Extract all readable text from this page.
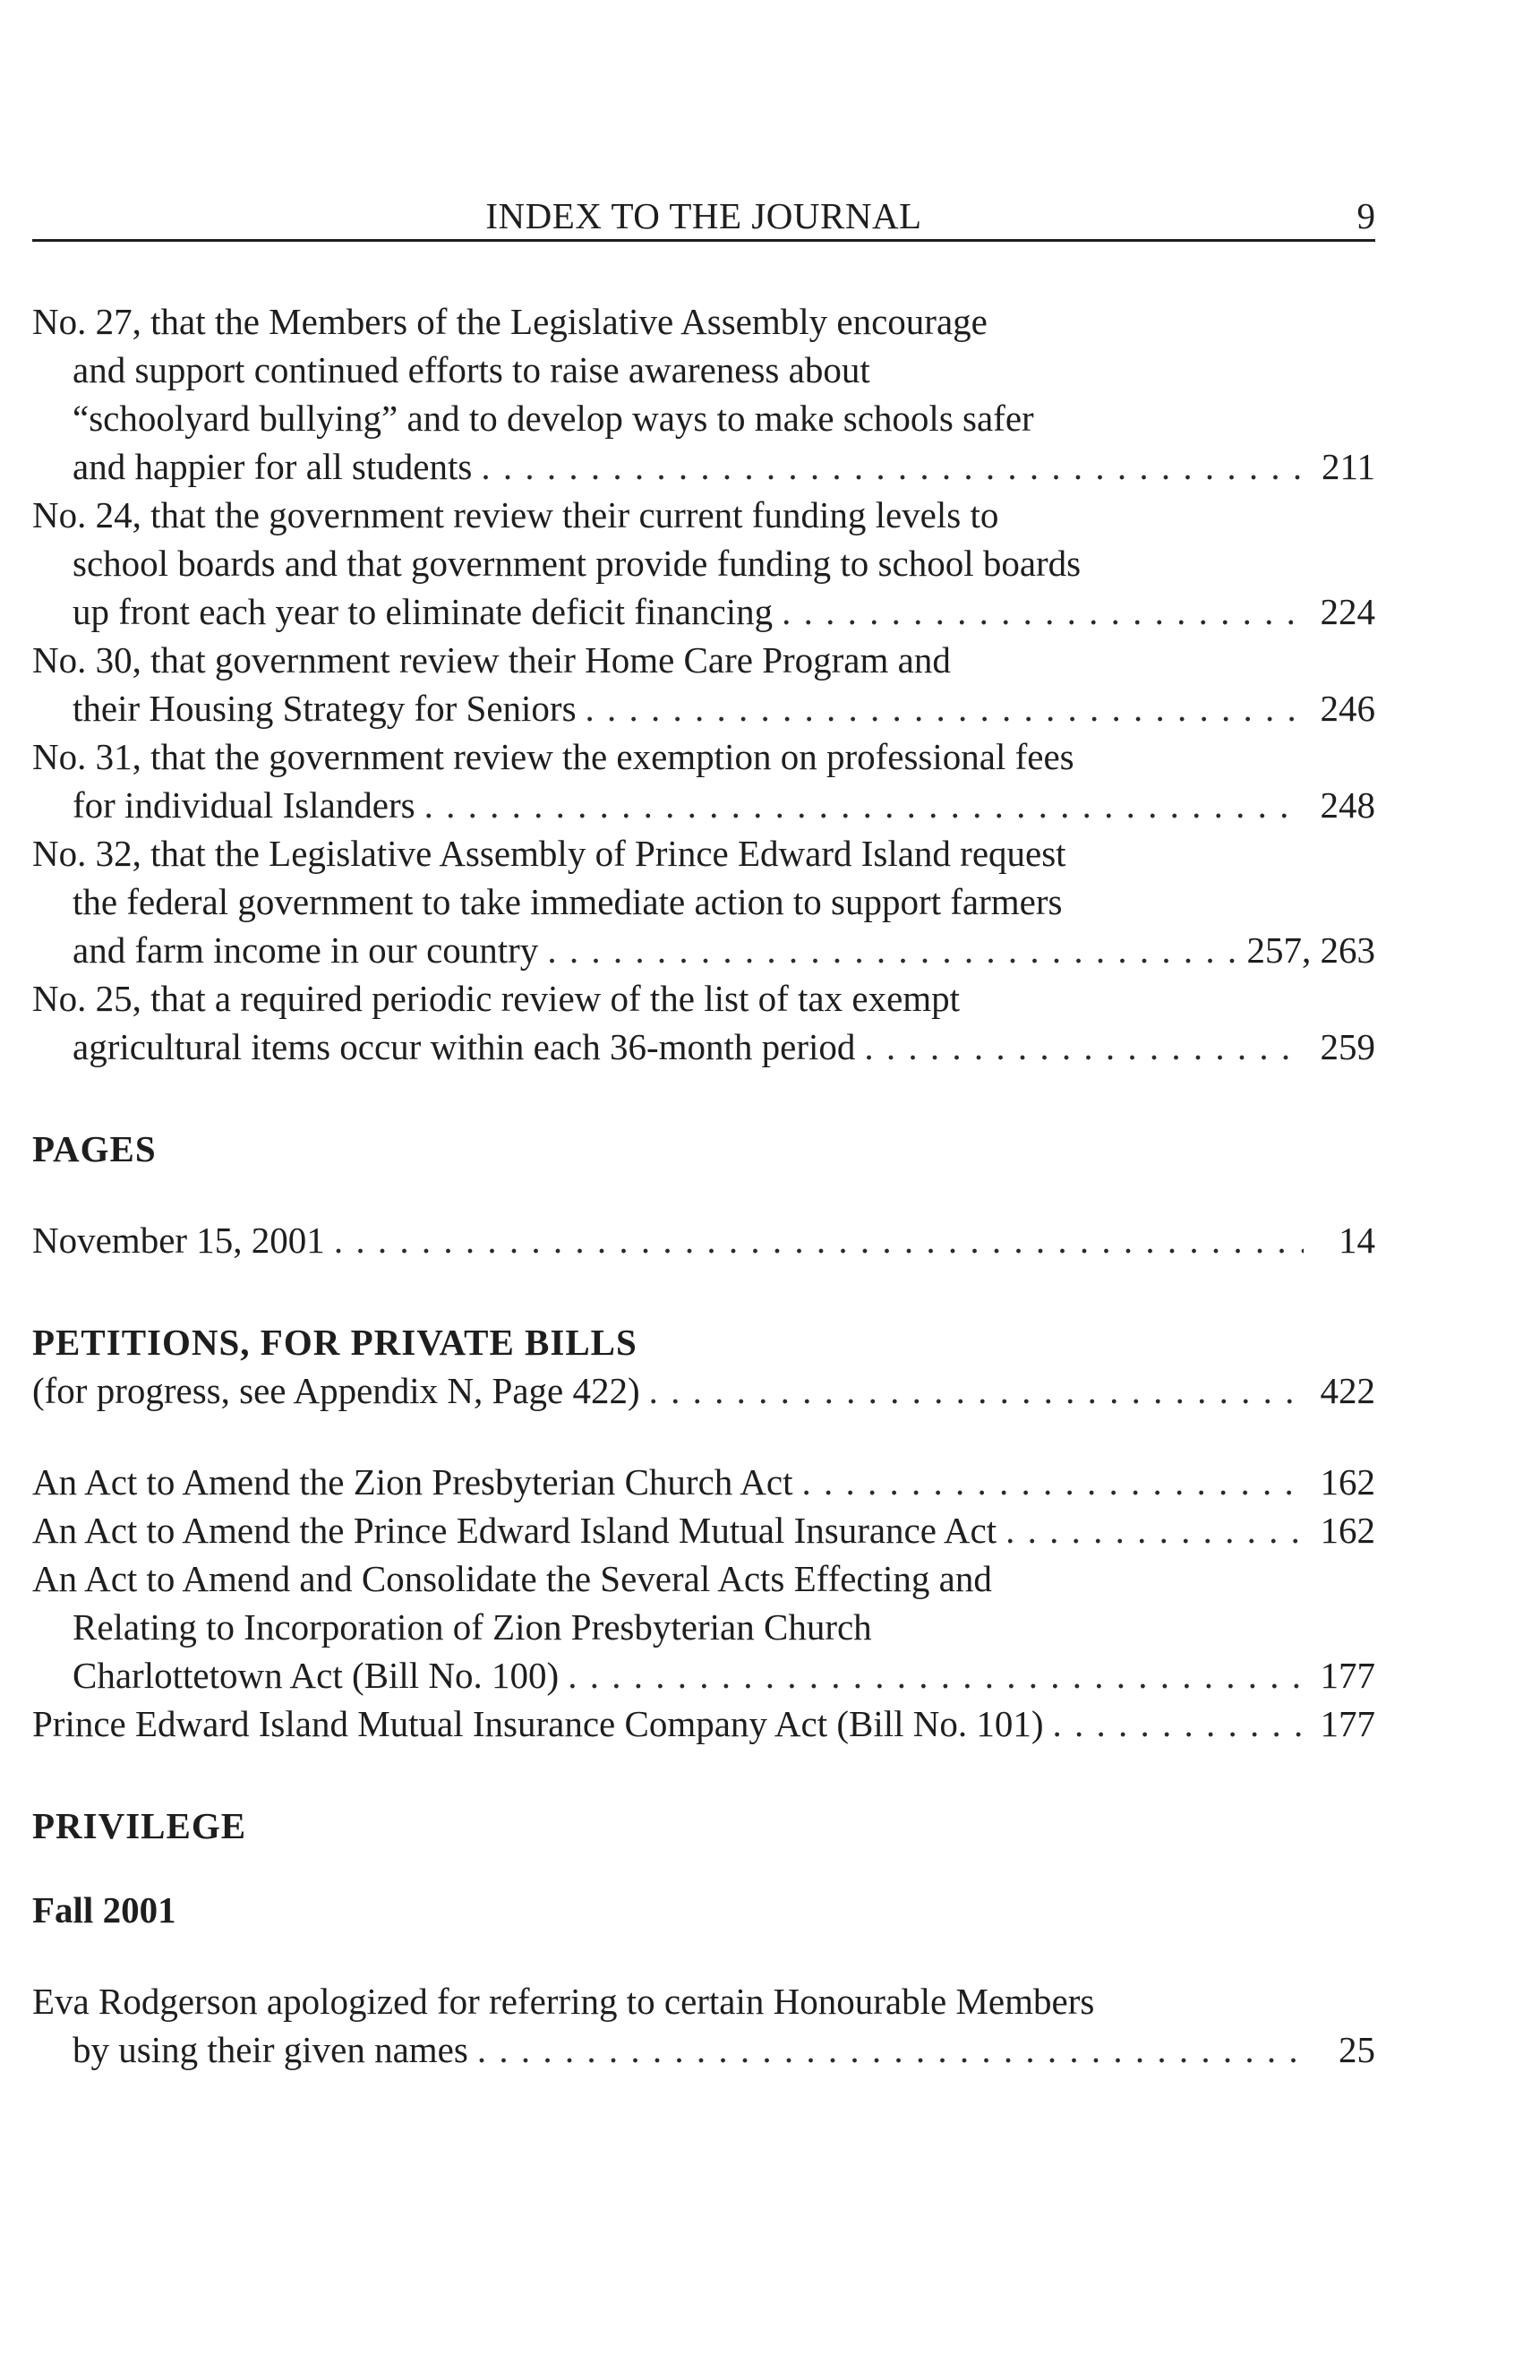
INDEX TO THE JOURNAL	9
No. 27, that the Members of the Legislative Assembly encourage
and support continued efforts to raise awareness about
“schoolyard bullying” and to develop ways to make schools safer
and happier for all students . . .	211
No. 24, that the government review their current funding levels to
school boards and that government provide funding to school boards
up front each year to eliminate deficit financing . . .	224
No. 30, that government review their Home Care Program and
their Housing Strategy for Seniors . . .	246
No. 31, that the government review the exemption on professional fees
for individual Islanders . . .	248
No. 32, that the Legislative Assembly of Prince Edward Island request
the federal government to take immediate action to support farmers
and farm income in our country . . .	257, 263
No. 25, that a required periodic review of the list of tax exempt
agricultural items occur within each 36-month period . . .	259
PAGES
November 15, 2001 . . .	14
PETITIONS, FOR PRIVATE BILLS
(for progress, see Appendix N, Page 422) . . .	422
An Act to Amend the Zion Presbyterian Church Act . . .	162
An Act to Amend the Prince Edward Island Mutual Insurance Act . . .	162
An Act to Amend and Consolidate the Several Acts Effecting and
Relating to Incorporation of Zion Presbyterian Church
Charlottetown Act (Bill No. 100) . . .	177
Prince Edward Island Mutual Insurance Company Act (Bill No. 101) . . .	177
PRIVILEGE
Fall 2001
Eva Rodgerson apologized for referring to certain Honourable Members
by using their given names . . .	25
